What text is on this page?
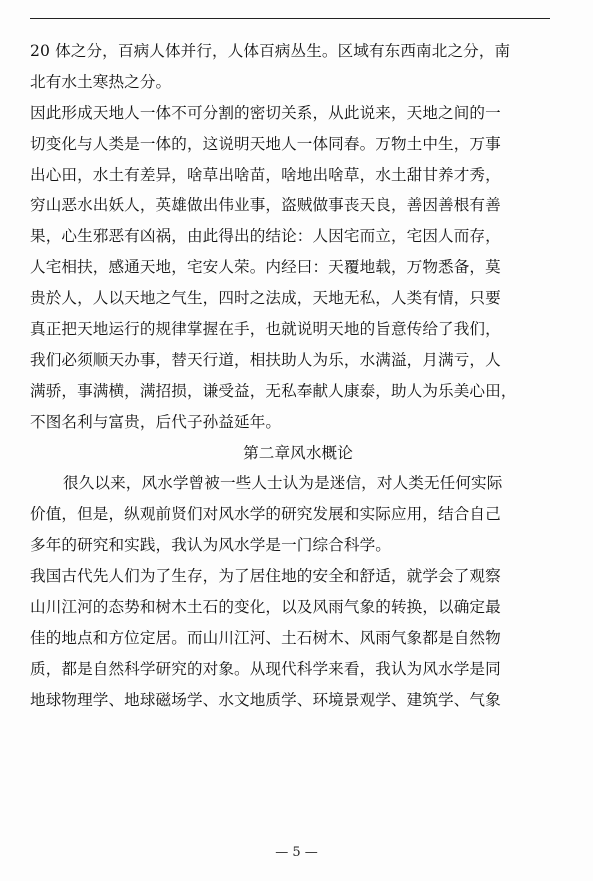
20 体之分，百病人体并行，人体百病丛生。区域有东西南北之分，南
北有水土寒热之分。
因此形成天地人一体不可分割的密切关系，从此说来，天地之间的一
切变化与人类是一体的，这说明天地人一体同春。万物土中生，万事
出心田，水土有差异，啥草出啥苗，啥地出啥草，水土甜甘养才秀，
穷山恶水出妖人，英雄做出伟业事，盗贼做事丧天良，善因善根有善
果，心生邪恶有凶祸，由此得出的结论：人因宅而立，宅因人而存，
人宅相扶，感通天地，宅安人荣。内经曰：天覆地载，万物悉备，莫
贵於人，人以天地之气生，四时之法成，天地无私，人类有情，只要
真正把天地运行的规律掌握在手，也就说明天地的旨意传给了我们，
我们必须顺天办事，替天行道，相扶助人为乐，水满溢，月满亏，人
满骄，事满横，满招损，谦受益，无私奉献人康泰，助人为乐美心田，
不图名利与富贵，后代子孙益延年。
第二章风水概论
很久以来，风水学曾被一些人士认为是迷信，对人类无任何实际
价值，但是，纵观前贤们对风水学的研究发展和实际应用，结合自己
多年的研究和实践，我认为风水学是一门综合科学。
我国古代先人们为了生存，为了居住地的安全和舒适，就学会了观察
山川江河的态势和树木土石的变化，以及风雨气象的转换，以确定最
佳的地点和方位定居。而山川江河、土石树木、风雨气象都是自然物
质，都是自然科学研究的对象。从现代科学来看，我认为风水学是同
地球物理学、地球磁场学、水文地质学、环境景观学、建筑学、气象
— 5 —
